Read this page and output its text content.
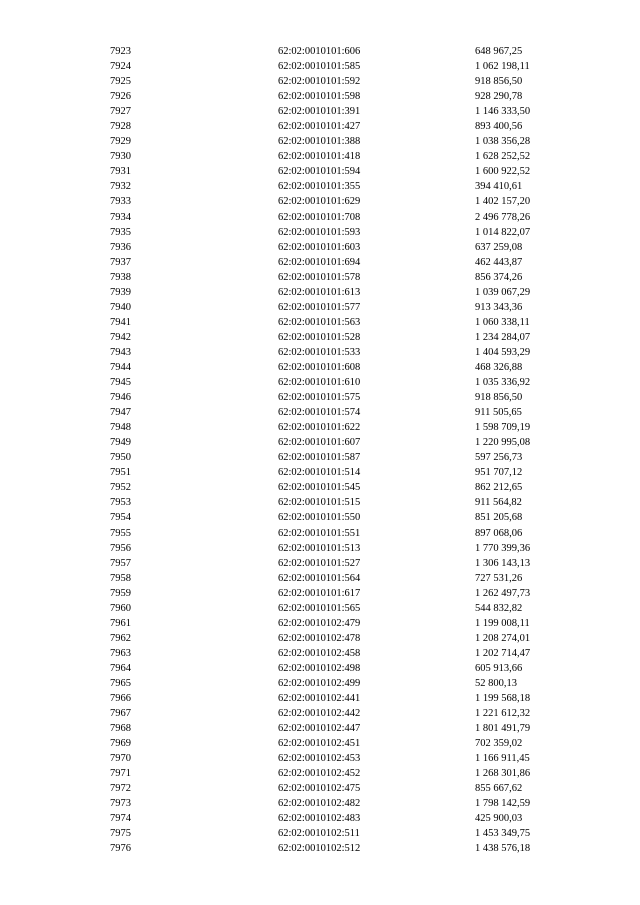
7923	62:02:0010101:606	648 967,25
7924	62:02:0010101:585	1 062 198,11
7925	62:02:0010101:592	918 856,50
7926	62:02:0010101:598	928 290,78
7927	62:02:0010101:391	1 146 333,50
7928	62:02:0010101:427	893 400,56
7929	62:02:0010101:388	1 038 356,28
7930	62:02:0010101:418	1 628 252,52
7931	62:02:0010101:594	1 600 922,52
7932	62:02:0010101:355	394 410,61
7933	62:02:0010101:629	1 402 157,20
7934	62:02:0010101:708	2 496 778,26
7935	62:02:0010101:593	1 014 822,07
7936	62:02:0010101:603	637 259,08
7937	62:02:0010101:694	462 443,87
7938	62:02:0010101:578	856 374,26
7939	62:02:0010101:613	1 039 067,29
7940	62:02:0010101:577	913 343,36
7941	62:02:0010101:563	1 060 338,11
7942	62:02:0010101:528	1 234 284,07
7943	62:02:0010101:533	1 404 593,29
7944	62:02:0010101:608	468 326,88
7945	62:02:0010101:610	1 035 336,92
7946	62:02:0010101:575	918 856,50
7947	62:02:0010101:574	911 505,65
7948	62:02:0010101:622	1 598 709,19
7949	62:02:0010101:607	1 220 995,08
7950	62:02:0010101:587	597 256,73
7951	62:02:0010101:514	951 707,12
7952	62:02:0010101:545	862 212,65
7953	62:02:0010101:515	911 564,82
7954	62:02:0010101:550	851 205,68
7955	62:02:0010101:551	897 068,06
7956	62:02:0010101:513	1 770 399,36
7957	62:02:0010101:527	1 306 143,13
7958	62:02:0010101:564	727 531,26
7959	62:02:0010101:617	1 262 497,73
7960	62:02:0010101:565	544 832,82
7961	62:02:0010102:479	1 199 008,11
7962	62:02:0010102:478	1 208 274,01
7963	62:02:0010102:458	1 202 714,47
7964	62:02:0010102:498	605 913,66
7965	62:02:0010102:499	52 800,13
7966	62:02:0010102:441	1 199 568,18
7967	62:02:0010102:442	1 221 612,32
7968	62:02:0010102:447	1 801 491,79
7969	62:02:0010102:451	702 359,02
7970	62:02:0010102:453	1 166 911,45
7971	62:02:0010102:452	1 268 301,86
7972	62:02:0010102:475	855 667,62
7973	62:02:0010102:482	1 798 142,59
7974	62:02:0010102:483	425 900,03
7975	62:02:0010102:511	1 453 349,75
7976	62:02:0010102:512	1 438 576,18
